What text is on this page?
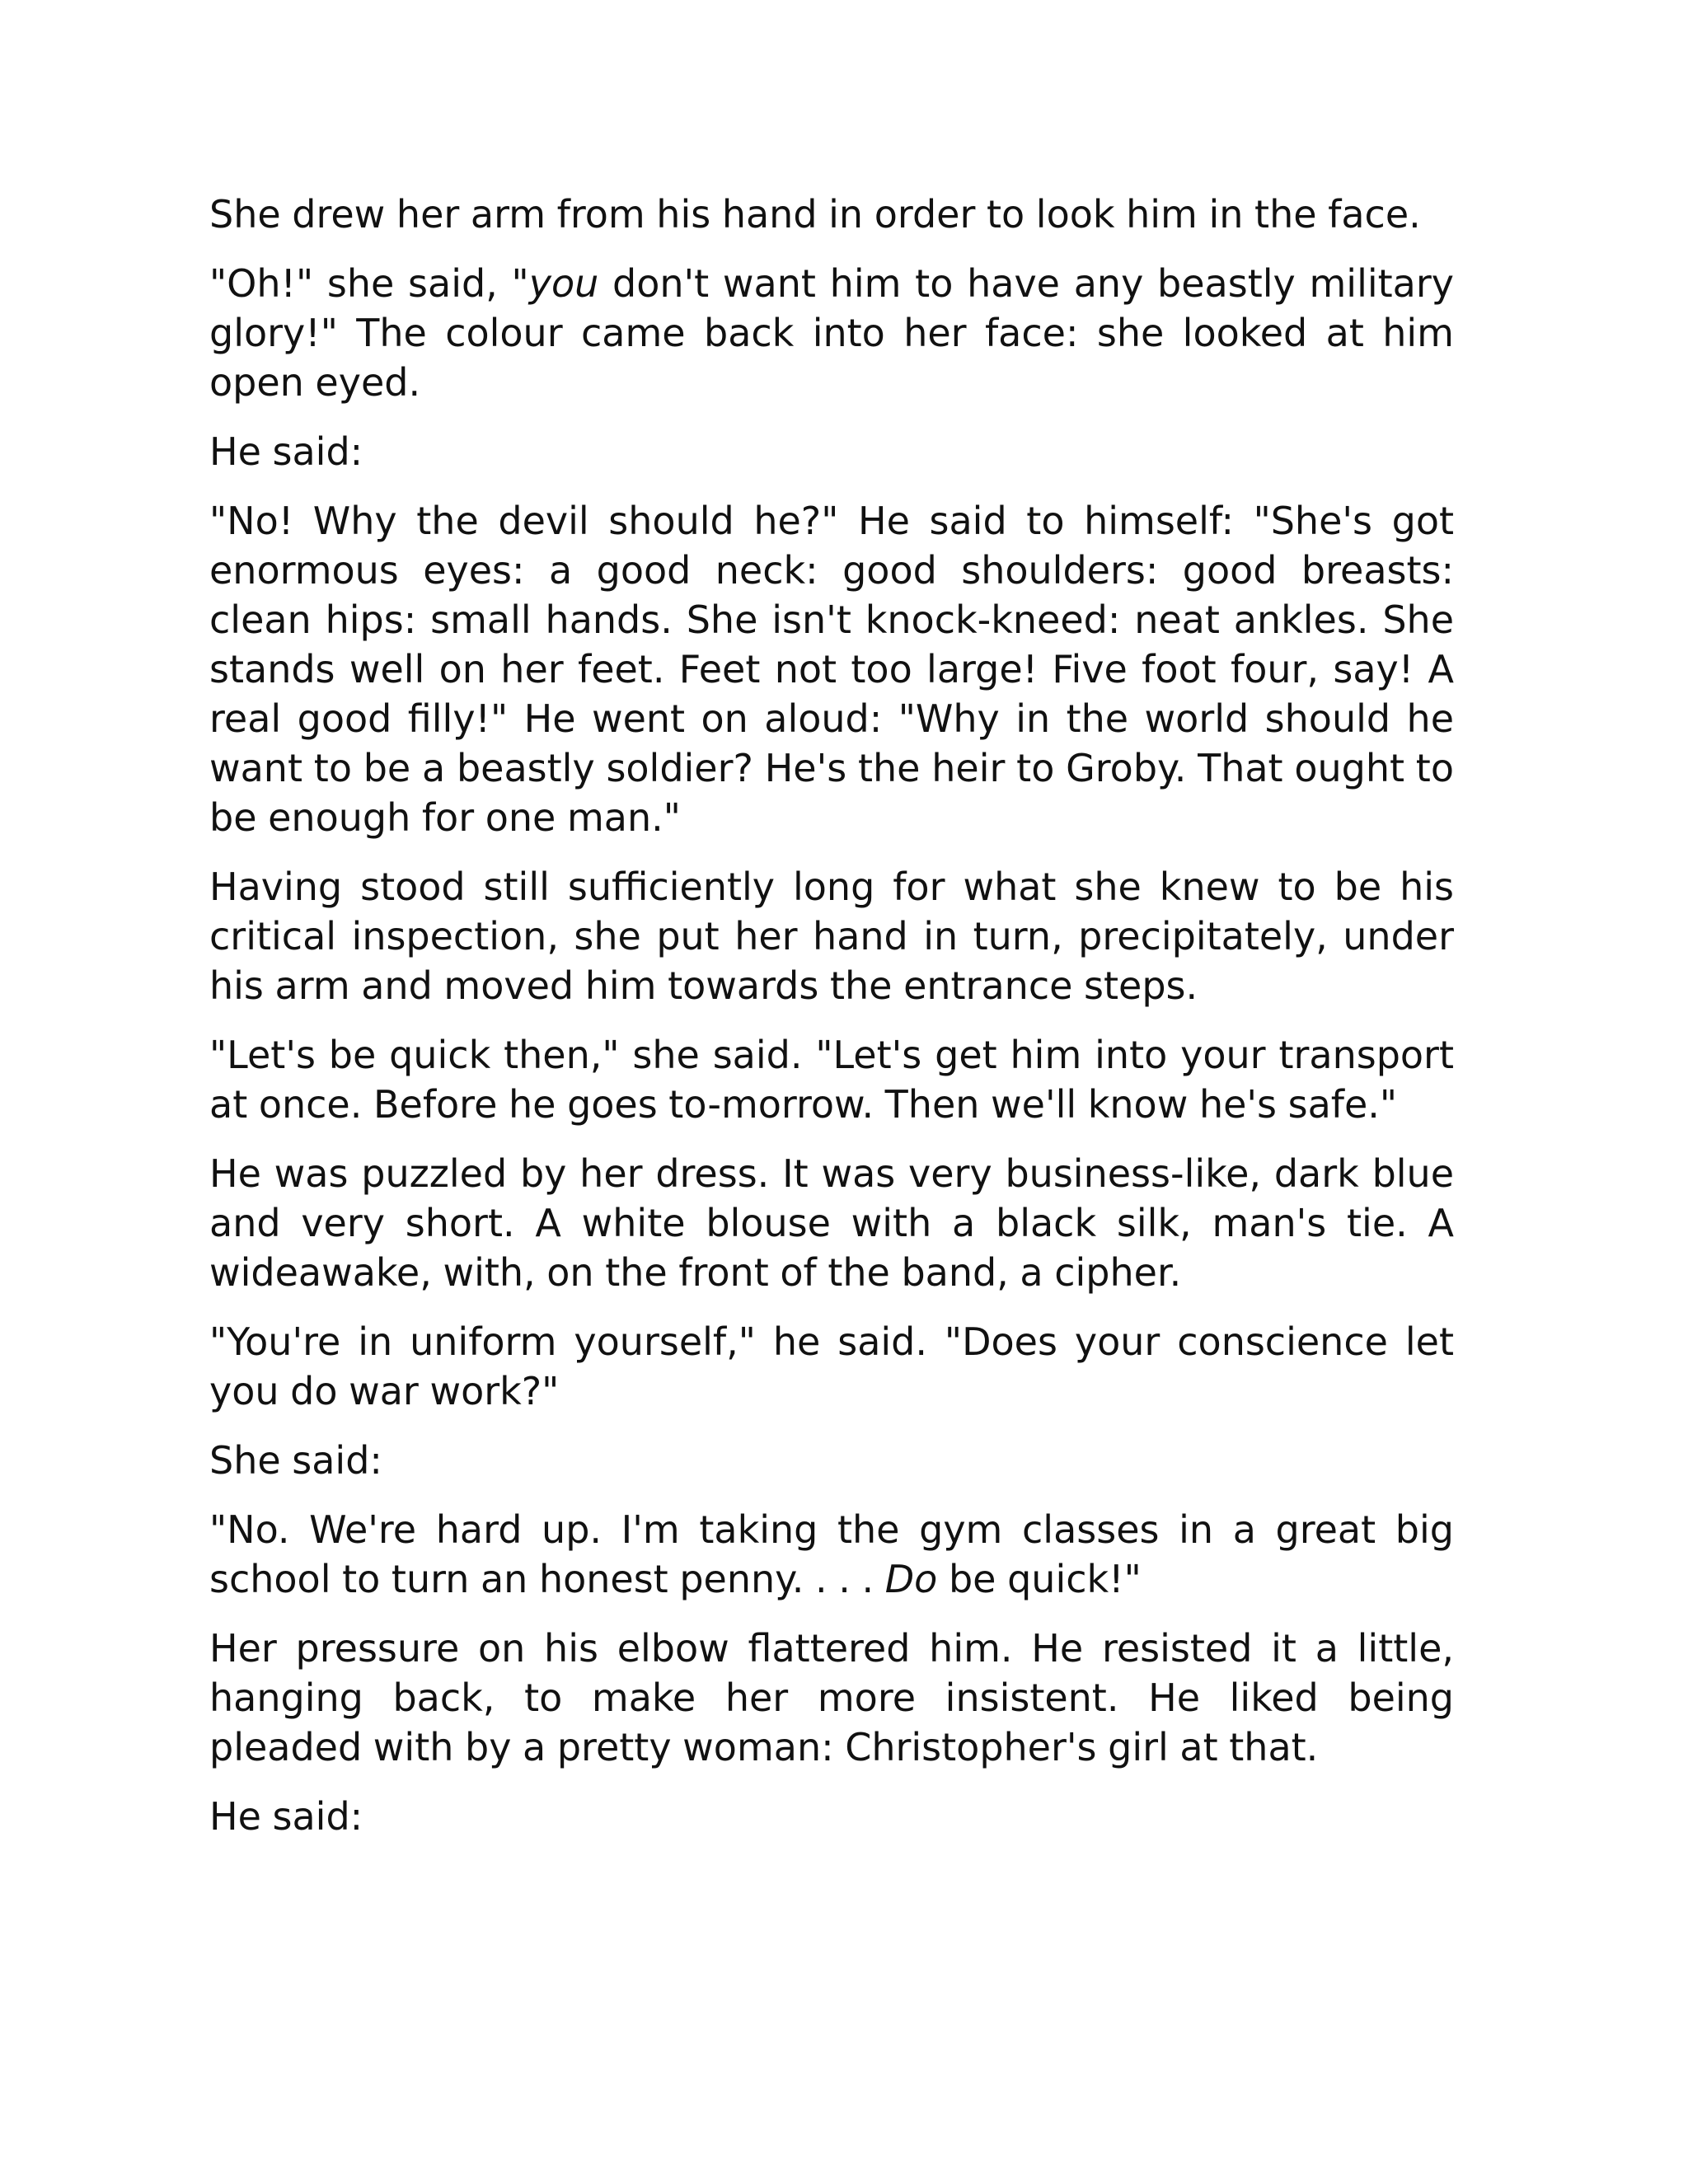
She drew her arm from his hand in order to look him in the face.

"Oh!" she said, "you don't want him to have any beastly military glory!" The colour came back into her face: she looked at him open eyed.

He said:

"No! Why the devil should he?" He said to himself: "She's got enormous eyes: a good neck: good shoulders: good breasts: clean hips: small hands. She isn't knock-kneed: neat ankles. She stands well on her feet. Feet not too large! Five foot four, say! A real good filly!" He went on aloud: "Why in the world should he want to be a beastly soldier? He's the heir to Groby. That ought to be enough for one man."

Having stood still sufficiently long for what she knew to be his critical inspection, she put her hand in turn, precipitately, under his arm and moved him towards the entrance steps.

"Let's be quick then," she said. "Let's get him into your transport at once. Before he goes to-morrow. Then we'll know he's safe."

He was puzzled by her dress. It was very business-like, dark blue and very short. A white blouse with a black silk, man's tie. A wideawake, with, on the front of the band, a cipher.

"You're in uniform yourself," he said. "Does your conscience let you do war work?"

She said:

"No. We're hard up. I'm taking the gym classes in a great big school to turn an honest penny. . . . Do be quick!"

Her pressure on his elbow flattered him. He resisted it a little, hanging back, to make her more insistent. He liked being pleaded with by a pretty woman: Christopher's girl at that.

He said:
